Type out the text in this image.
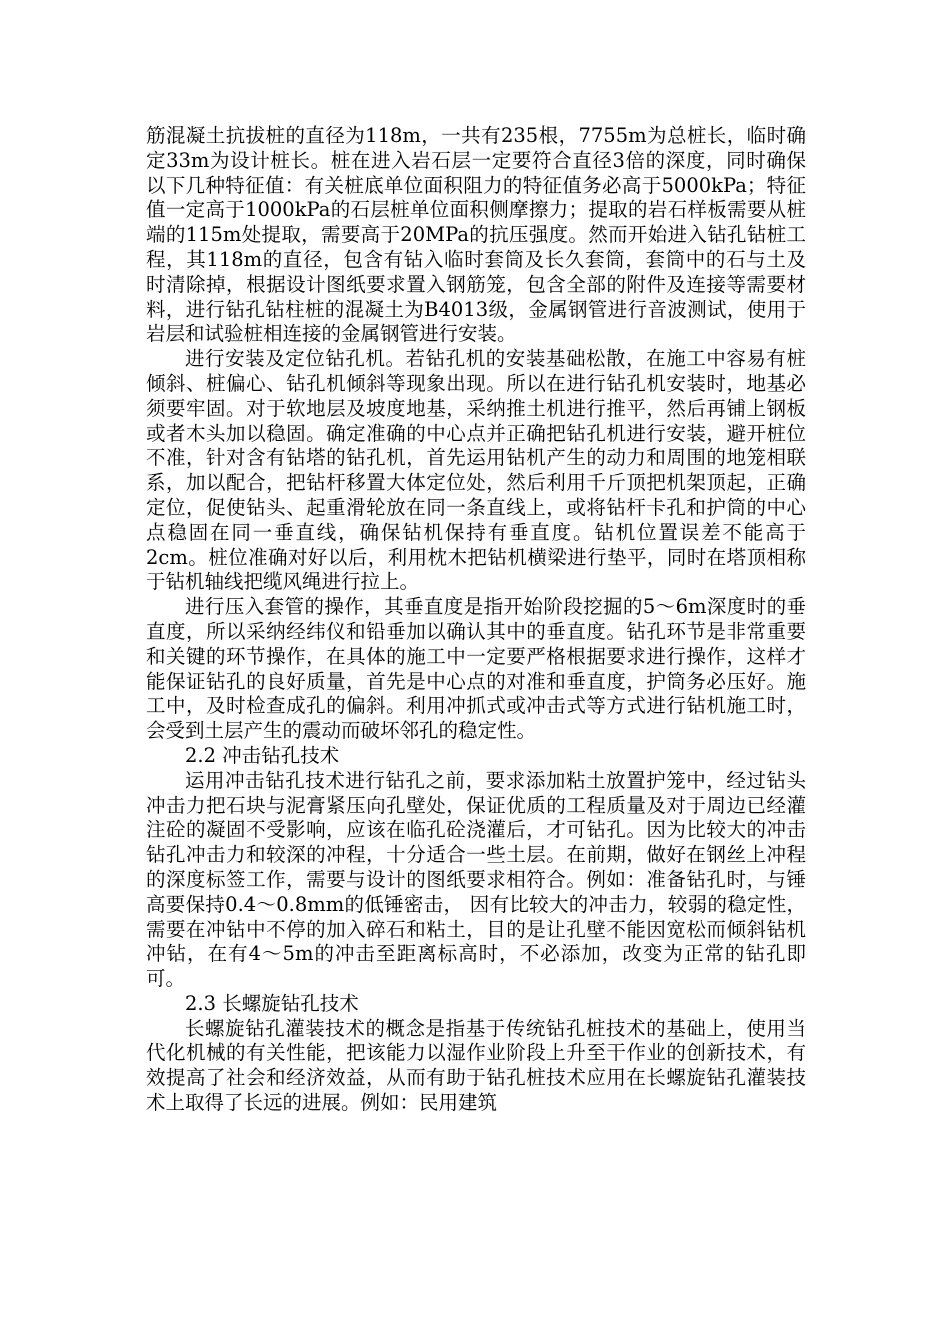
筋混凝土抗拔桩的直径为118m，一共有235根，7755m为总桩长，临时确定33m为设计桩长。桩在进入岩石层一定要符合直径3倍的深度，同时确保以下几种特征值：有关桩底单位面积阻力的特征值务必高于5000kPa；特征值一定高于1000kPa的石层桩单位面积侧摩擦力；提取的岩石样板需要从桩端的115m处提取，需要高于20MPa的抗压强度。然而开始进入钻孔钻桩工程，其118m的直径，包含有钻入临时套筒及长久套筒，套筒中的石与土及时清除掉，根据设计图纸要求置入钢筋笼，包含全部的附件及连接等需要材料，进行钻孔钻柱桩的混凝土为B4013级，金属钢管进行音波测试，使用于岩层和试验桩相连接的金属钢管进行安装。

进行安装及定位钻孔机。若钻孔机的安装基础松散，在施工中容易有桩倾斜、桩偏心、钻孔机倾斜等现象出现。所以在进行钻孔机安装时，地基必须要牢固。对于软地层及坡度地基，采纳推土机进行推平，然后再铺上钢板或者木头加以稳固。确定准确的中心点并正确把钻孔机进行安装，避开桩位不准，针对含有钻塔的钻孔机，首先运用钻机产生的动力和周围的地笼相联系，加以配合，把钻杆移置大体定位处，然后利用千斤顶把机架顶起，正确定位，促使钻头、起重滑轮放在同一条直线上，或将钻杆卡孔和护筒的中心点稳固在同一垂直线，确保钻机保持有垂直度。钻机位置误差不能高于2cm。桩位准确对好以后，利用枕木把钻机横梁进行垫平，同时在塔顶相称于钻机轴线把缆风绳进行拉上。

进行压入套管的操作，其垂直度是指开始阶段挖掘的5～6m深度时的垂直度，所以采纳经纬仪和铅垂加以确认其中的垂直度。钻孔环节是非常重要和关键的环节操作，在具体的施工中一定要严格根据要求进行操作，这样才能保证钻孔的良好质量，首先是中心点的对准和垂直度，护筒务必压好。施工中，及时检查成孔的偏斜。利用冲抓式或冲击式等方式进行钻机施工时，会受到土层产生的震动而破坏邻孔的稳定性。

2.2 冲击钻孔技术

运用冲击钻孔技术进行钻孔之前，要求添加粘土放置护笼中，经过钻头冲击力把石块与泥膏紧压向孔壁处，保证优质的工程质量及对于周边已经灌注砼的凝固不受影响，应该在临孔砼浇灌后，才可钻孔。因为比较大的冲击钻孔冲击力和较深的冲程，十分适合一些土层。在前期，做好在钢丝上冲程的深度标签工作，需要与设计的图纸要求相符合。例如：准备钻孔时，与锤高要保持0.4～0.8mm的低锤密击， 因有比较大的冲击力，较弱的稳定性，需要在冲钻中不停的加入碎石和粘土，目的是让孔壁不能因宽松而倾斜钻机冲钻，在有4～5m的冲击至距离标高时，不必添加，改变为正常的钻孔即可。

2.3 长螺旋钻孔技术

长螺旋钻孔灌装技术的概念是指基于传统钻孔桩技术的基础上，使用当代化机械的有关性能，把该能力以湿作业阶段上升至干作业的创新技术，有效提高了社会和经济效益，从而有助于钻孔桩技术应用在长螺旋钻孔灌装技术上取得了长远的进展。例如：民用建筑
